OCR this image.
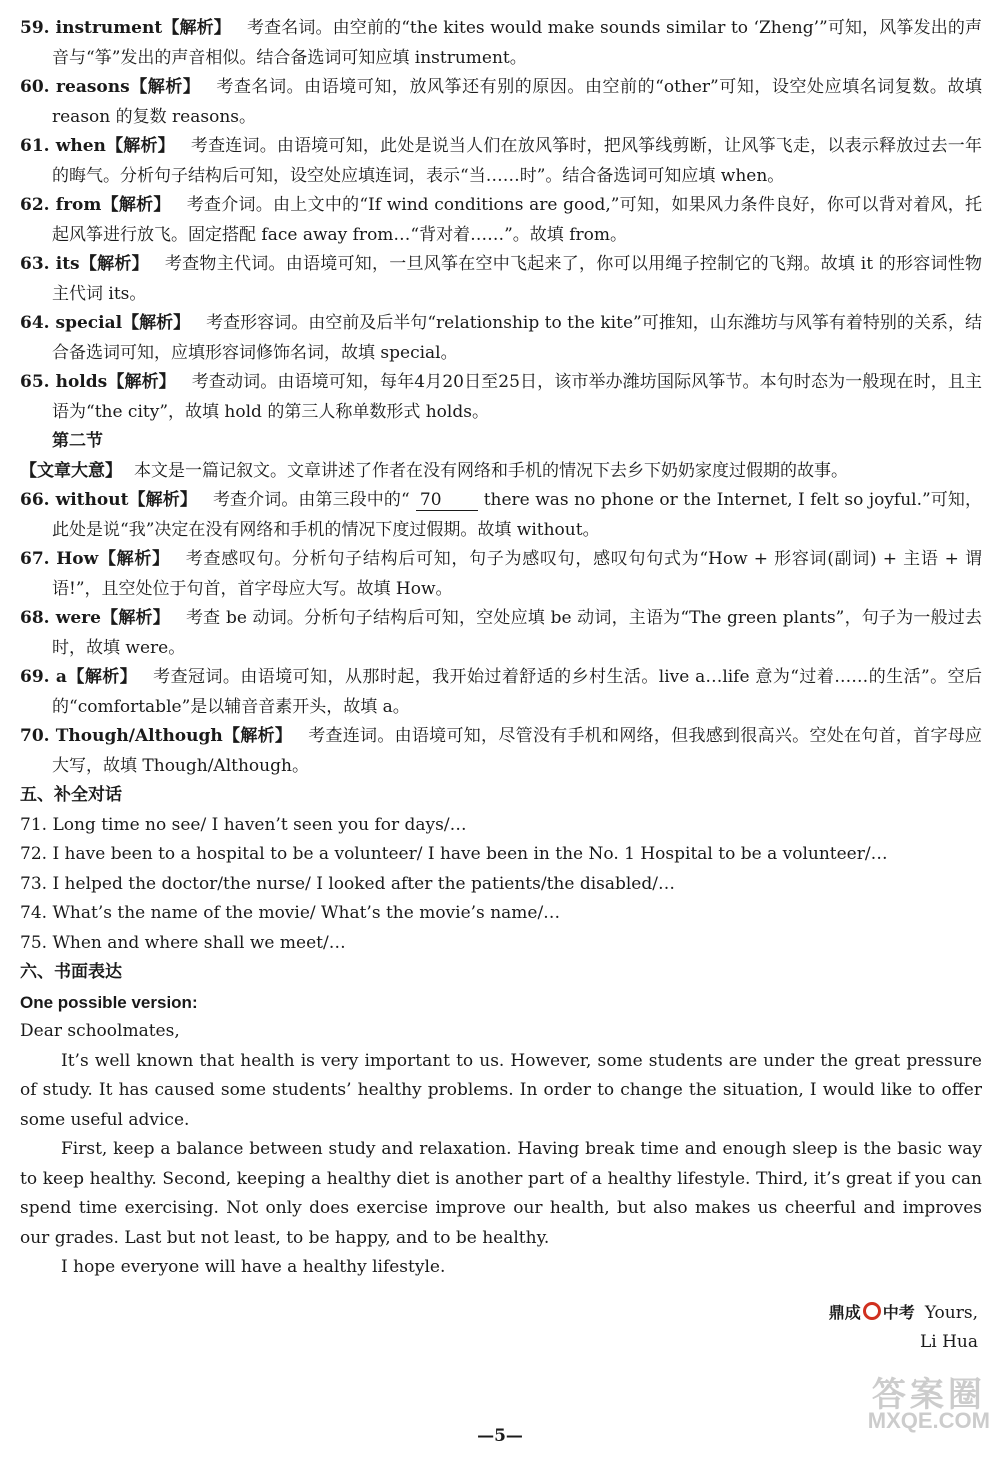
59. instrument【解析】 考查名词。由空前的“the kites would make sounds similar to ‘Zheng’”可知，风筝发出的声音与“筝”发出的声音相似。结合备选词可知应填 instrument。
60. reasons【解析】 考查名词。由语境可知，放风筝还有别的原因。由空前的“other”可知，设空处应填名词复数。故填 reason 的复数 reasons。
61. when【解析】 考查连词。由语境可知，此处是说当人们在放风筝时，把风筝线剪断，让风筝飞走，以表示释放过去一年的晦气。分析句子结构后可知，设空处应填连词，表示“当……时”。结合备选词可知应填 when。
62. from【解析】 考查介词。由上文中的“If wind conditions are good,”可知，如果风力条件良好，你可以背对着风，托起风筝进行放飞。固定搭配 face away from…“背对着……”。故填 from。
63. its【解析】 考查物主代词。由语境可知，一旦风筝在空中飞起来了，你可以用绳子控制它的飞翔。故填 it 的形容词性物主代词 its。
64. special【解析】 考查形容词。由空前及后半句“relationship to the kite”可推知，山东潍坊与风筝有着特别的关系，结合备选词可知，应填形容词修饰名词，故填 special。
65. holds【解析】 考查动词。由语境可知，每年4月20日至25日，该市举办潍坊国际风筝节。本句时态为一般现在时，且主语为“the city”，故填 hold 的第三人称单数形式 holds。
第二节
【文章大意】 本文是一篇记叙文。文章讲述了作者在没有网络和手机的情况下去乡下奶奶家度过假期的故事。
66. without【解析】 考查介词。由第三段中的“ 70 there was no phone or the Internet, I felt so joyful.”可知，此处是说“我”决定在没有网络和手机的情况下度过假期。故填 without。
67. How【解析】 考查感叹句。分析句子结构后可知，句子为感叹句，感叹句句式为“How + 形容词(副词) + 主语 + 谓语!”，且空处位于句首，首字母应大写。故填 How。
68. were【解析】 考查 be 动词。分析句子结构后可知，空处应填 be 动词，主语为“The green plants”，句子为一般过去时，故填 were。
69. a【解析】 考查冠词。由语境可知，从那时起，我开始过着舒适的乡村生活。live a…life 意为“过着……的生活”。空后的“comfortable”是以辅音音素开头，故填 a。
70. Though/Although【解析】 考查连词。由语境可知，尽管没有手机和网络，但我感到很高兴。空处在句首，首字母应大写，故填 Though/Although。
五、补全对话
71. Long time no see/ I haven’t seen you for days/…
72. I have been to a hospital to be a volunteer/ I have been in the No. 1 Hospital to be a volunteer/…
73. I helped the doctor/the nurse/ I looked after the patients/the disabled/…
74. What’s the name of the movie/ What’s the movie’s name/…
75. When and where shall we meet/…
六、书面表达
One possible version:
Dear schoolmates,
It’s well known that health is very important to us. However, some students are under the great pressure of study. It has caused some students’ healthy problems. In order to change the situation, I would like to offer some useful advice.
First, keep a balance between study and relaxation. Having break time and enough sleep is the basic way to keep healthy. Second, keeping a healthy diet is another part of a healthy lifestyle. Third, it’s great if you can spend time exercising. Not only does exercise improve our health, but also makes us cheerful and improves our grades. Last but not least, to be happy, and to be healthy.
I hope everyone will have a healthy lifestyle.
鼎成 中考 Yours,
Li Hua
—5—
答案圈
MXQE.COM
